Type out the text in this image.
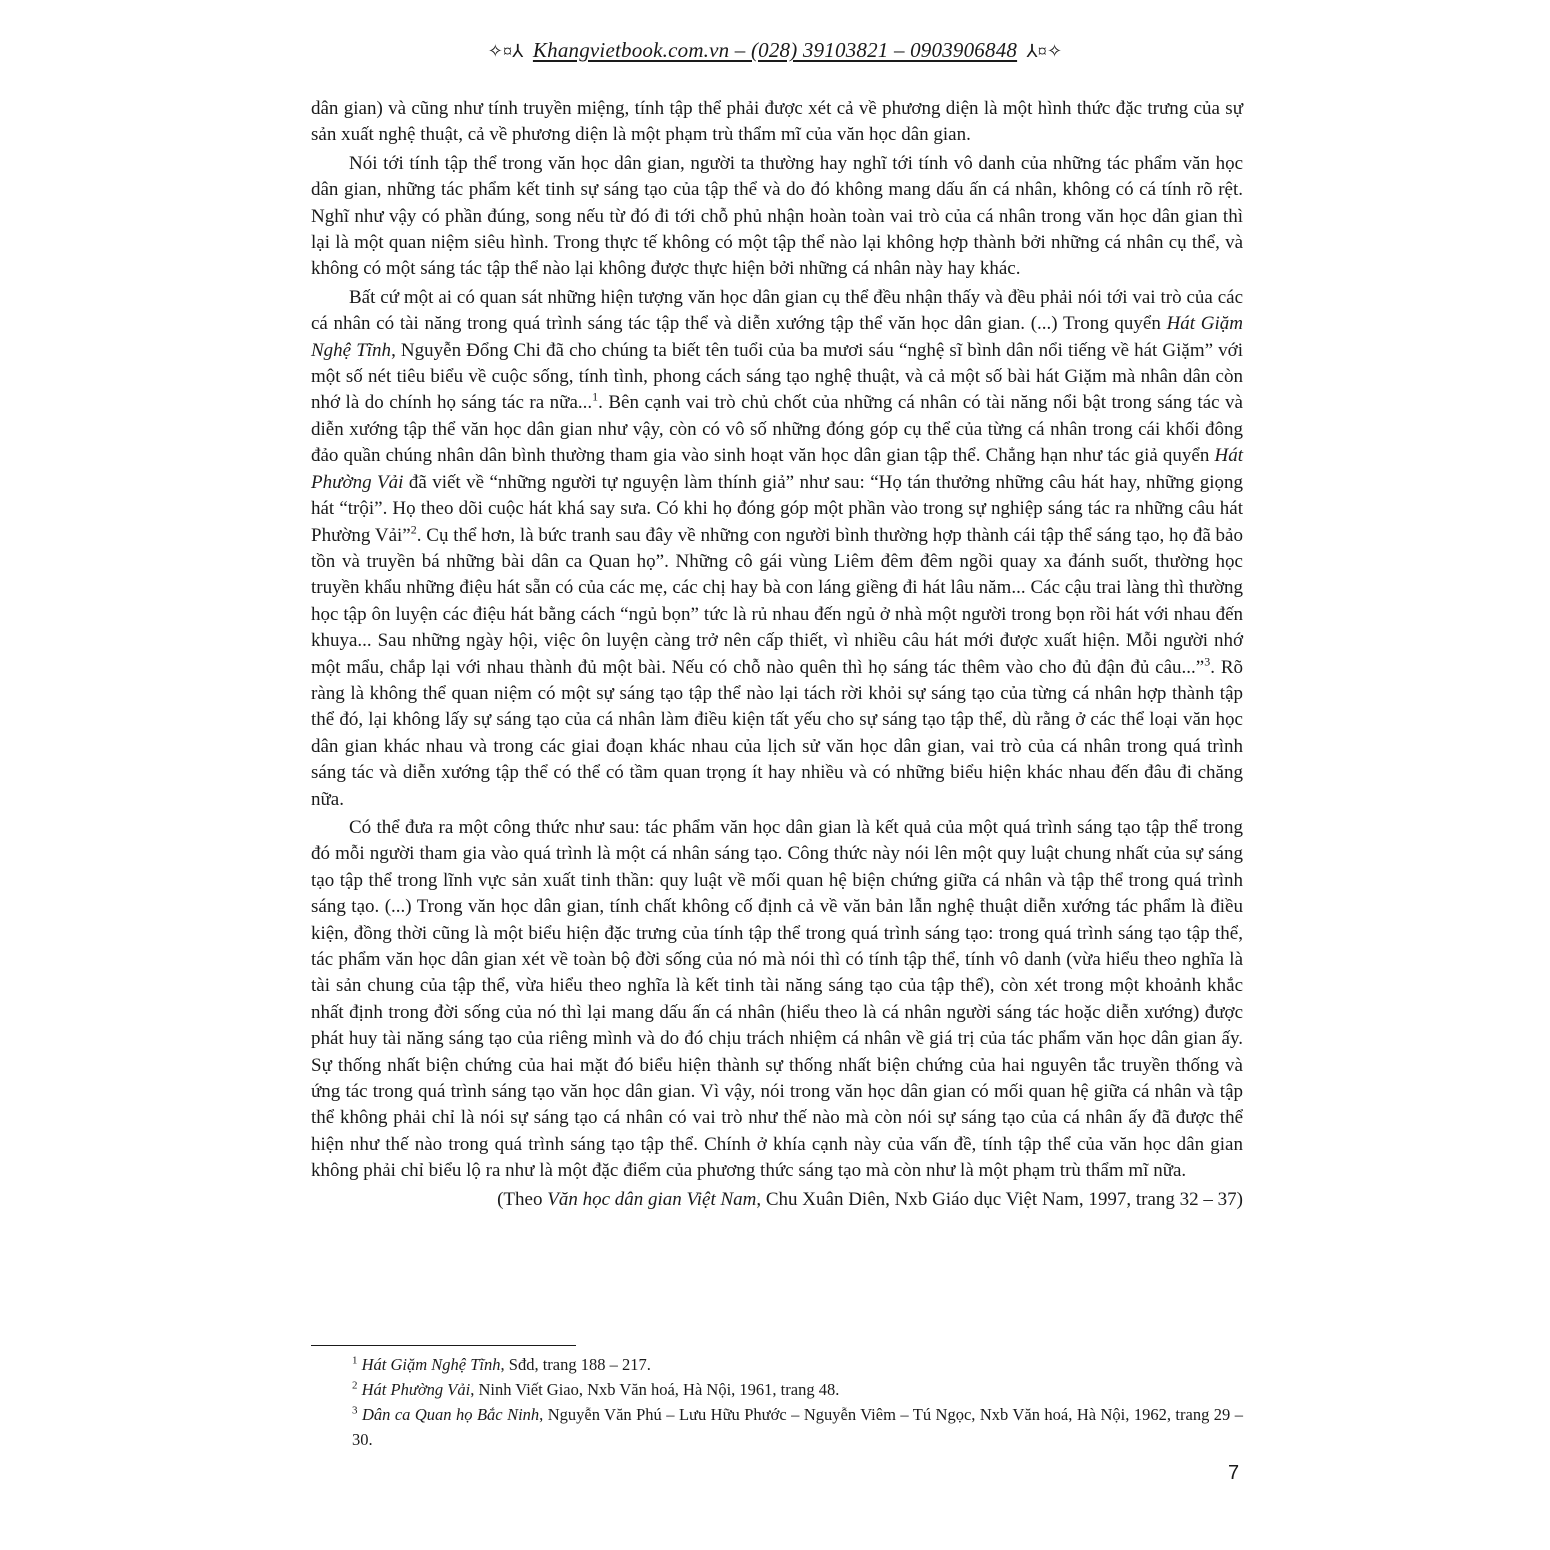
✧¤⅄ Khangvietbook.com.vn – (028) 39103821 – 0903906848 ⅄¤✧

dân gian) và cũng như tính truyền miệng, tính tập thể phải được xét cả về phương diện là một hình thức đặc trưng của sự sản xuất nghệ thuật, cả về phương diện là một phạm trù thẩm mĩ của văn học dân gian.

Nói tới tính tập thể trong văn học dân gian, người ta thường hay nghĩ tới tính vô danh của những tác phẩm văn học dân gian, những tác phẩm kết tinh sự sáng tạo của tập thể và do đó không mang dấu ấn cá nhân, không có cá tính rõ rệt. Nghĩ như vậy có phần đúng, song nếu từ đó đi tới chỗ phủ nhận hoàn toàn vai trò của cá nhân trong văn học dân gian thì lại là một quan niệm siêu hình. Trong thực tế không có một tập thể nào lại không hợp thành bởi những cá nhân cụ thể, và không có một sáng tác tập thể nào lại không được thực hiện bởi những cá nhân này hay khác.

Bất cứ một ai có quan sát những hiện tượng văn học dân gian cụ thể đều nhận thấy và đều phải nói tới vai trò của các cá nhân có tài năng trong quá trình sáng tác tập thể và diễn xướng tập thể văn học dân gian. (...) Trong quyển Hát Giặm Nghệ Tĩnh, Nguyễn Đổng Chi đã cho chúng ta biết tên tuổi của ba mươi sáu “nghệ sĩ bình dân nổi tiếng về hát Giặm” với một số nét tiêu biểu về cuộc sống, tính tình, phong cách sáng tạo nghệ thuật, và cả một số bài hát Giặm mà nhân dân còn nhớ là do chính họ sáng tác ra nữa...$^1$. Bên cạnh vai trò chủ chốt của những cá nhân có tài năng nổi bật trong sáng tác và diễn xướng tập thể văn học dân gian như vậy, còn có vô số những đóng góp cụ thể của từng cá nhân trong cái khối đông đảo quần chúng nhân dân bình thường tham gia vào sinh hoạt văn học dân gian tập thể. Chẳng hạn như tác giả quyển Hát Phường Vải đã viết về “những người tự nguyện làm thính giả” như sau: “Họ tán thưởng những câu hát hay, những giọng hát “trội”. Họ theo dõi cuộc hát khá say sưa. Có khi họ đóng góp một phần vào trong sự nghiệp sáng tác ra những câu hát Phường Vải”$^2$. Cụ thể hơn, là bức tranh sau đây về những con người bình thường hợp thành cái tập thể sáng tạo, họ đã bảo tồn và truyền bá những bài dân ca Quan họ”. Những cô gái vùng Liêm đêm đêm ngồi quay xa đánh suốt, thường học truyền khẩu những điệu hát sẵn có của các mẹ, các chị hay bà con láng giềng đi hát lâu năm... Các cậu trai làng thì thường học tập ôn luyện các điệu hát bằng cách “ngủ bọn” tức là rủ nhau đến ngủ ở nhà một người trong bọn rồi hát với nhau đến khuya... Sau những ngày hội, việc ôn luyện càng trở nên cấp thiết, vì nhiều câu hát mới được xuất hiện. Mỗi người nhớ một mẩu, chắp lại với nhau thành đủ một bài. Nếu có chỗ nào quên thì họ sáng tác thêm vào cho đủ đận đủ câu...”$^3$. Rõ ràng là không thể quan niệm có một sự sáng tạo tập thể nào lại tách rời khỏi sự sáng tạo của từng cá nhân hợp thành tập thể đó, lại không lấy sự sáng tạo của cá nhân làm điều kiện tất yếu cho sự sáng tạo tập thể, dù rằng ở các thể loại văn học dân gian khác nhau và trong các giai đoạn khác nhau của lịch sử văn học dân gian, vai trò của cá nhân trong quá trình sáng tác và diễn xướng tập thể có thể có tầm quan trọng ít hay nhiều và có những biểu hiện khác nhau đến đâu đi chăng nữa.

Có thể đưa ra một công thức như sau: tác phẩm văn học dân gian là kết quả của một quá trình sáng tạo tập thể trong đó mỗi người tham gia vào quá trình là một cá nhân sáng tạo. Công thức này nói lên một quy luật chung nhất của sự sáng tạo tập thể trong lĩnh vực sản xuất tinh thần: quy luật về mối quan hệ biện chứng giữa cá nhân và tập thể trong quá trình sáng tạo. (...) Trong văn học dân gian, tính chất không cố định cả về văn bản lẫn nghệ thuật diễn xướng tác phẩm là điều kiện, đồng thời cũng là một biểu hiện đặc trưng của tính tập thể trong quá trình sáng tạo: trong quá trình sáng tạo tập thể, tác phẩm văn học dân gian xét về toàn bộ đời sống của nó mà nói thì có tính tập thể, tính vô danh (vừa hiểu theo nghĩa là tài sản chung của tập thể, vừa hiểu theo nghĩa là kết tinh tài năng sáng tạo của tập thể), còn xét trong một khoảnh khắc nhất định trong đời sống của nó thì lại mang dấu ấn cá nhân (hiểu theo là cá nhân người sáng tác hoặc diễn xướng) được phát huy tài năng sáng tạo của riêng mình và do đó chịu trách nhiệm cá nhân về giá trị của tác phẩm văn học dân gian ấy. Sự thống nhất biện chứng của hai mặt đó biểu hiện thành sự thống nhất biện chứng của hai nguyên tắc truyền thống và ứng tác trong quá trình sáng tạo văn học dân gian. Vì vậy, nói trong văn học dân gian có mối quan hệ giữa cá nhân và tập thể không phải chỉ là nói sự sáng tạo cá nhân có vai trò như thế nào mà còn nói sự sáng tạo của cá nhân ấy đã được thể hiện như thế nào trong quá trình sáng tạo tập thể. Chính ở khía cạnh này của vấn đề, tính tập thể của văn học dân gian không phải chỉ biểu lộ ra như là một đặc điểm của phương thức sáng tạo mà còn như là một phạm trù thẩm mĩ nữa.

(Theo Văn học dân gian Việt Nam, Chu Xuân Diên, Nxb Giáo dục Việt Nam, 1997, trang 32 – 37)

$^1$ Hát Giặm Nghệ Tĩnh, Sđd, trang 188 – 217.

$^2$ Hát Phường Vải, Ninh Viết Giao, Nxb Văn hoá, Hà Nội, 1961, trang 48.

$^3$ Dân ca Quan họ Bắc Ninh, Nguyễn Văn Phú – Lưu Hữu Phước – Nguyễn Viêm – Tú Ngọc, Nxb Văn hoá, Hà Nội, 1962, trang 29 – 30.

7
